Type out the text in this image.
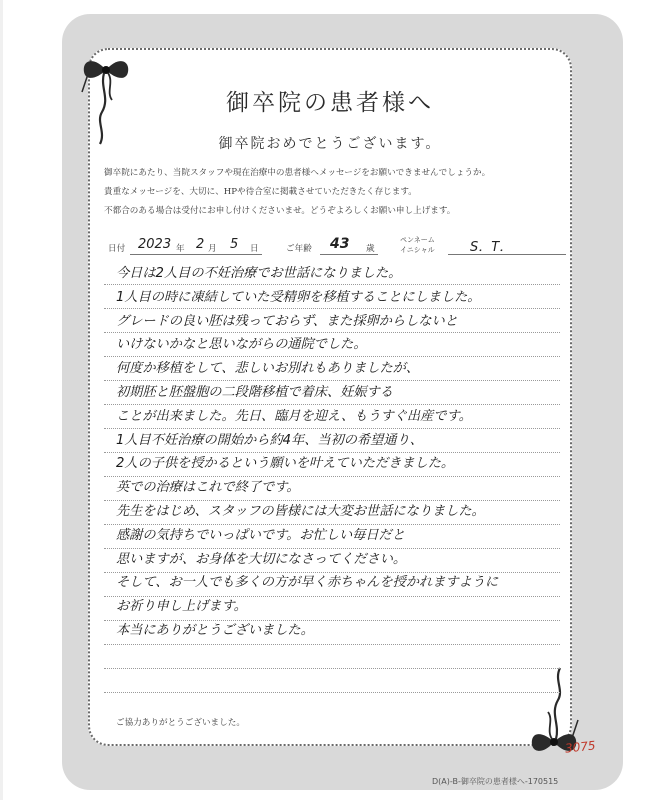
御卒院の患者様へ
御卒院おめでとうございます。
御卒院にあたり、当院スタッフや現在治療中の患者様へメッセージをお願いできませんでしょうか。
貴重なメッセージを、大切に、HPや待合室に掲載させていただきたく存じます。
不都合のある場合は受付にお申し付けくださいませ。どうぞよろしくお願い申し上げます。
日付 2023 年 2 月 5 日	ご年齢 43 歳
ペンネーム
イニシャル	S．T．
今日は2人目の不妊治療でお世話になりました。
1人目の時に凍結していた受精卵を移植することにしました。
グレードの良い胚は残っておらず、また採卵からしないと
いけないかなと思いながらの通院でした。
何度か移植をして、悲しいお別れもありましたが、
初期胚と胚盤胞の二段階移植で着床、妊娠する
ことが出来ました。先日、臨月を迎え、もうすぐ出産です。
1人目不妊治療の開始から約4年、当初の希望通り、
2人の子供を授かるという願いを叶えていただきました。
英での治療はこれで終了です。
先生をはじめ、スタッフの皆様には大変お世話になりました。
感謝の気持ちでいっぱいです。お忙しい毎日だと
思いますが、お身体を大切になさってください。
そして、お一人でも多くの方が早く赤ちゃんを授かれますように
お祈り申し上げます。
本当にありがとうございました。
ご協力ありがとうございました。
3075
D(A)-B-御卒院の患者様へ-170515
